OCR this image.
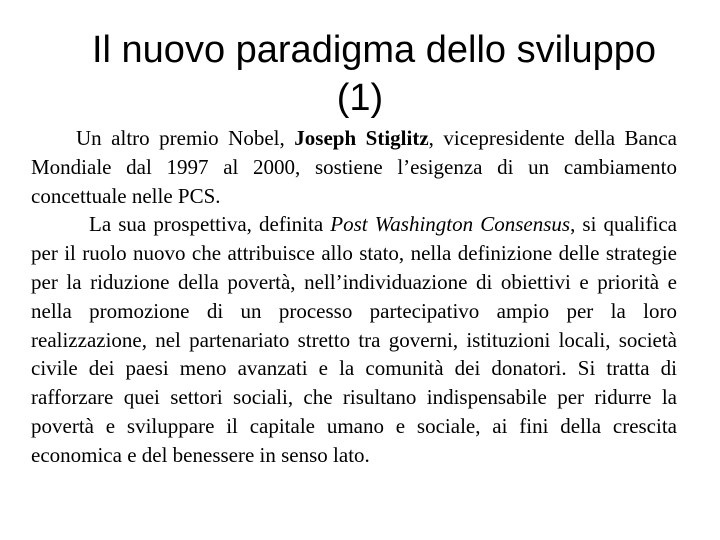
Il nuovo paradigma dello sviluppo
(1)

Un altro premio Nobel, Joseph Stiglitz, vicepresidente della Banca Mondiale dal 1997 al 2000, sostiene l’esigenza di un cambiamento concettuale nelle PCS.

La sua prospettiva, definita Post Washington Consensus, si qualifica per il ruolo nuovo che attribuisce allo stato, nella definizione delle strategie per la riduzione della povertà, nell’individuazione di obiettivi e priorità e nella promozione di un processo partecipativo ampio per la loro realizzazione, nel partenariato stretto tra governi, istituzioni locali, società civile dei paesi meno avanzati e la comunità dei donatori. Si tratta di rafforzare quei settori sociali, che risultano indispensabile per ridurre la povertà e sviluppare il capitale umano e sociale, ai fini della crescita economica e del benessere in senso lato.
